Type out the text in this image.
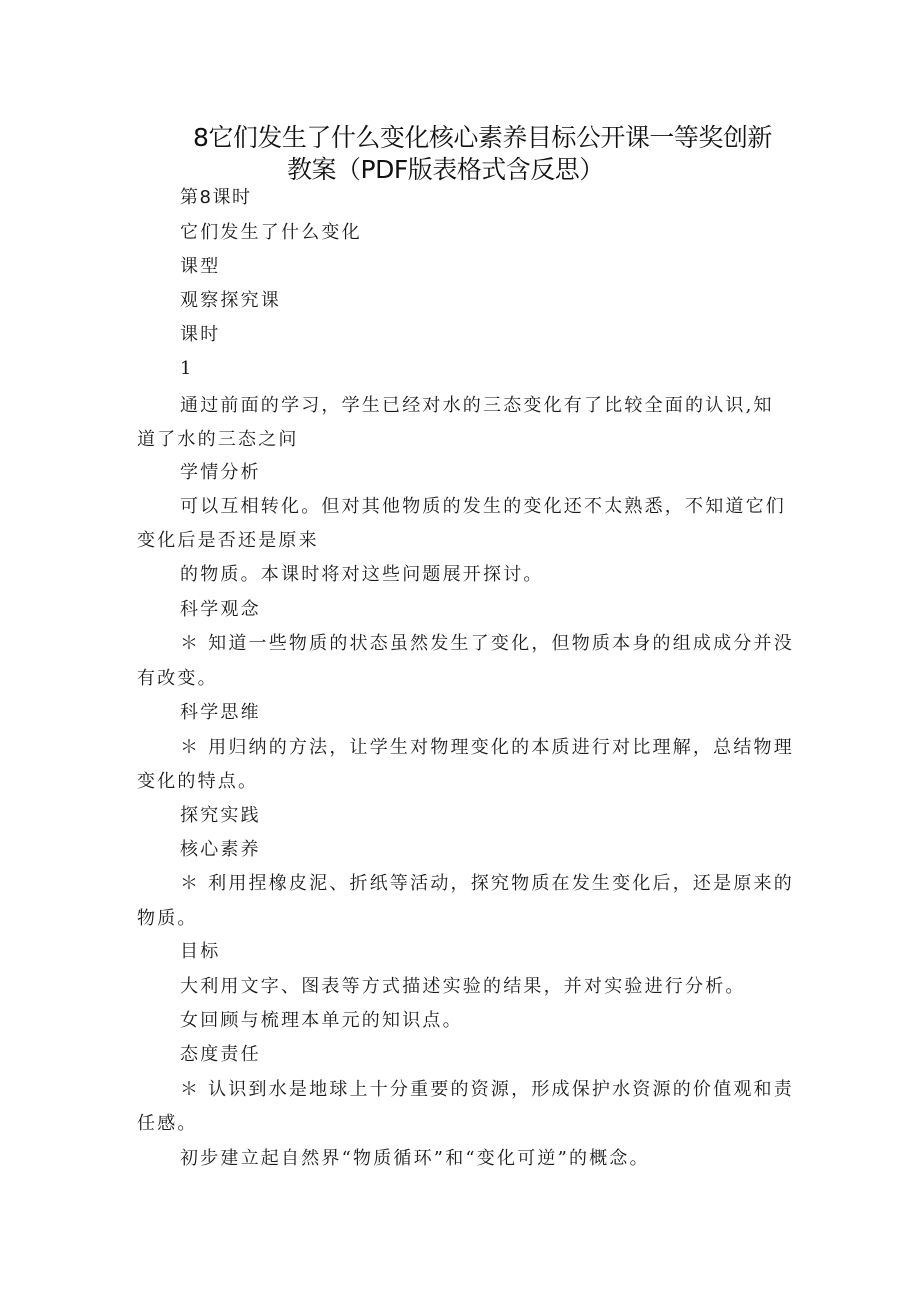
8它们发生了什么变化核心素养目标公开课一等奖创新
教案（PDF版表格式含反思）
第8课时
它们发生了什么变化
课型
观察探究课
课时
1
通过前面的学习，学生已经对水的三态变化有了比较全面的认识,知
道了水的三态之问
学情分析
可以互相转化。但对其他物质的发生的变化还不太熟悉，不知道它们
变化后是否还是原来
的物质。本课时将对这些问题展开探讨。
科学观念
＊ 知道一些物质的状态虽然发生了变化，但物质本身的组成成分并没
有改变。
科学思维
＊ 用归纳的方法，让学生对物理变化的本质进行对比理解，总结物理
变化的特点。
探究实践
核心素养
＊ 利用捏橡皮泥、折纸等活动，探究物质在发生变化后，还是原来的
物质。
目标
大利用文字、图表等方式描述实验的结果，并对实验进行分析。
女回顾与梳理本单元的知识点。
态度责任
＊ 认识到水是地球上十分重要的资源，形成保护水资源的价值观和责
任感。
初步建立起自然界“物质循环”和“变化可逆”的概念。
